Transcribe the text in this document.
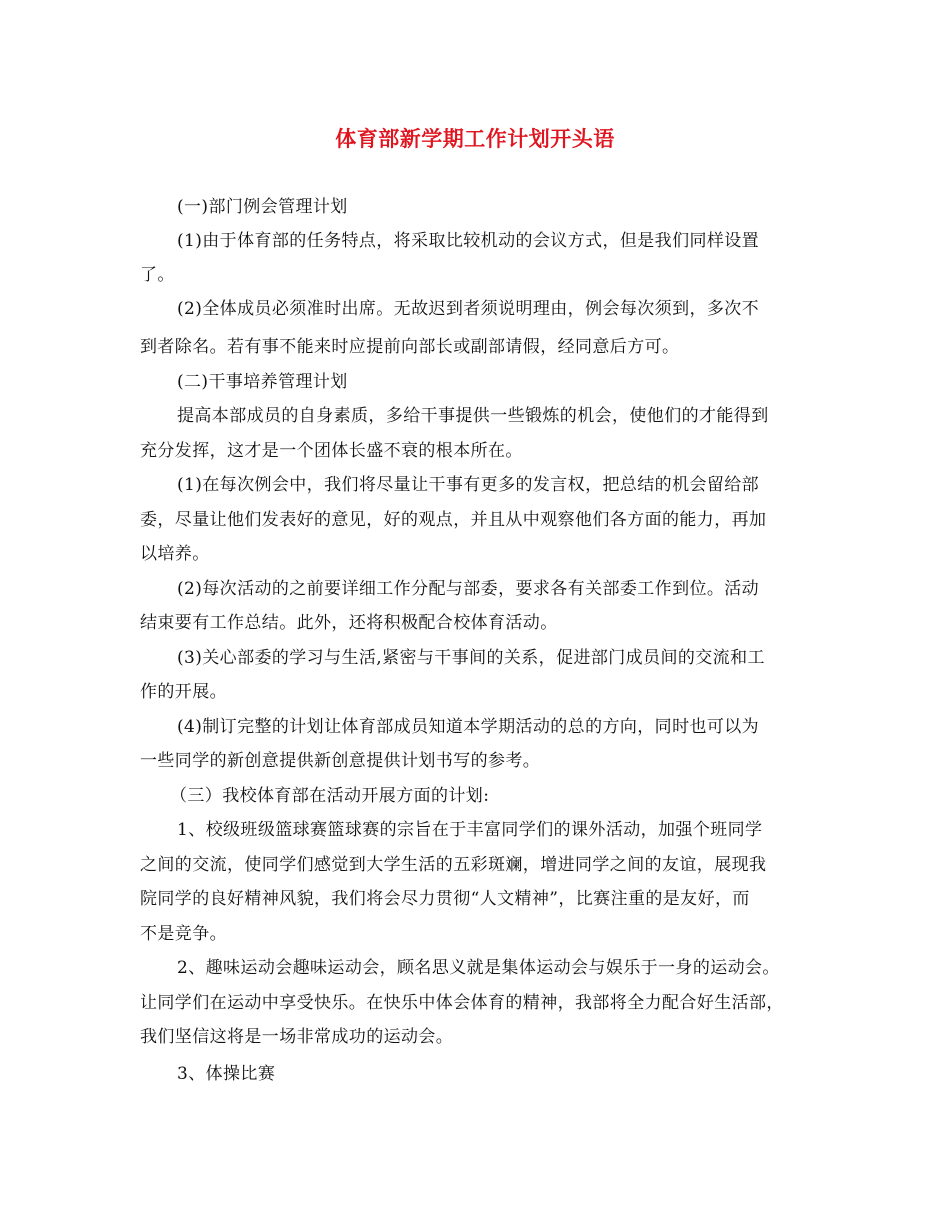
体育部新学期工作计划开头语
(一)部门例会管理计划
(1)由于体育部的任务特点，将采取比较机动的会议方式，但是我们同样设置
了。
(2)全体成员必须准时出席。无故迟到者须说明理由，例会每次须到，多次不
到者除名。若有事不能来时应提前向部长或副部请假，经同意后方可。
(二)干事培养管理计划
提高本部成员的自身素质，多给干事提供一些锻炼的机会，使他们的才能得到
充分发挥，这才是一个团体长盛不衰的根本所在。
(1)在每次例会中，我们将尽量让干事有更多的发言权，把总结的机会留给部
委，尽量让他们发表好的意见，好的观点，并且从中观察他们各方面的能力，再加
以培养。
(2)每次活动的之前要详细工作分配与部委，要求各有关部委工作到位。活动
结束要有工作总结。此外，还将积极配合校体育活动。
(3)关心部委的学习与生活,紧密与干事间的关系，促进部门成员间的交流和工
作的开展。
(4)制订完整的计划让体育部成员知道本学期活动的总的方向，同时也可以为
一些同学的新创意提供新创意提供计划书写的参考。
（三）我校体育部在活动开展方面的计划:
1、校级班级篮球赛篮球赛的宗旨在于丰富同学们的课外活动，加强个班同学
之间的交流，使同学们感觉到大学生活的五彩斑斓，增进同学之间的友谊，展现我
院同学的良好精神风貌，我们将会尽力贯彻“人文精神”，比赛注重的是友好，而
不是竞争。
2、趣味运动会趣味运动会，顾名思义就是集体运动会与娱乐于一身的运动会。
让同学们在运动中享受快乐。在快乐中体会体育的精神，我部将全力配合好生活部，
我们坚信这将是一场非常成功的运动会。
3、体操比赛
